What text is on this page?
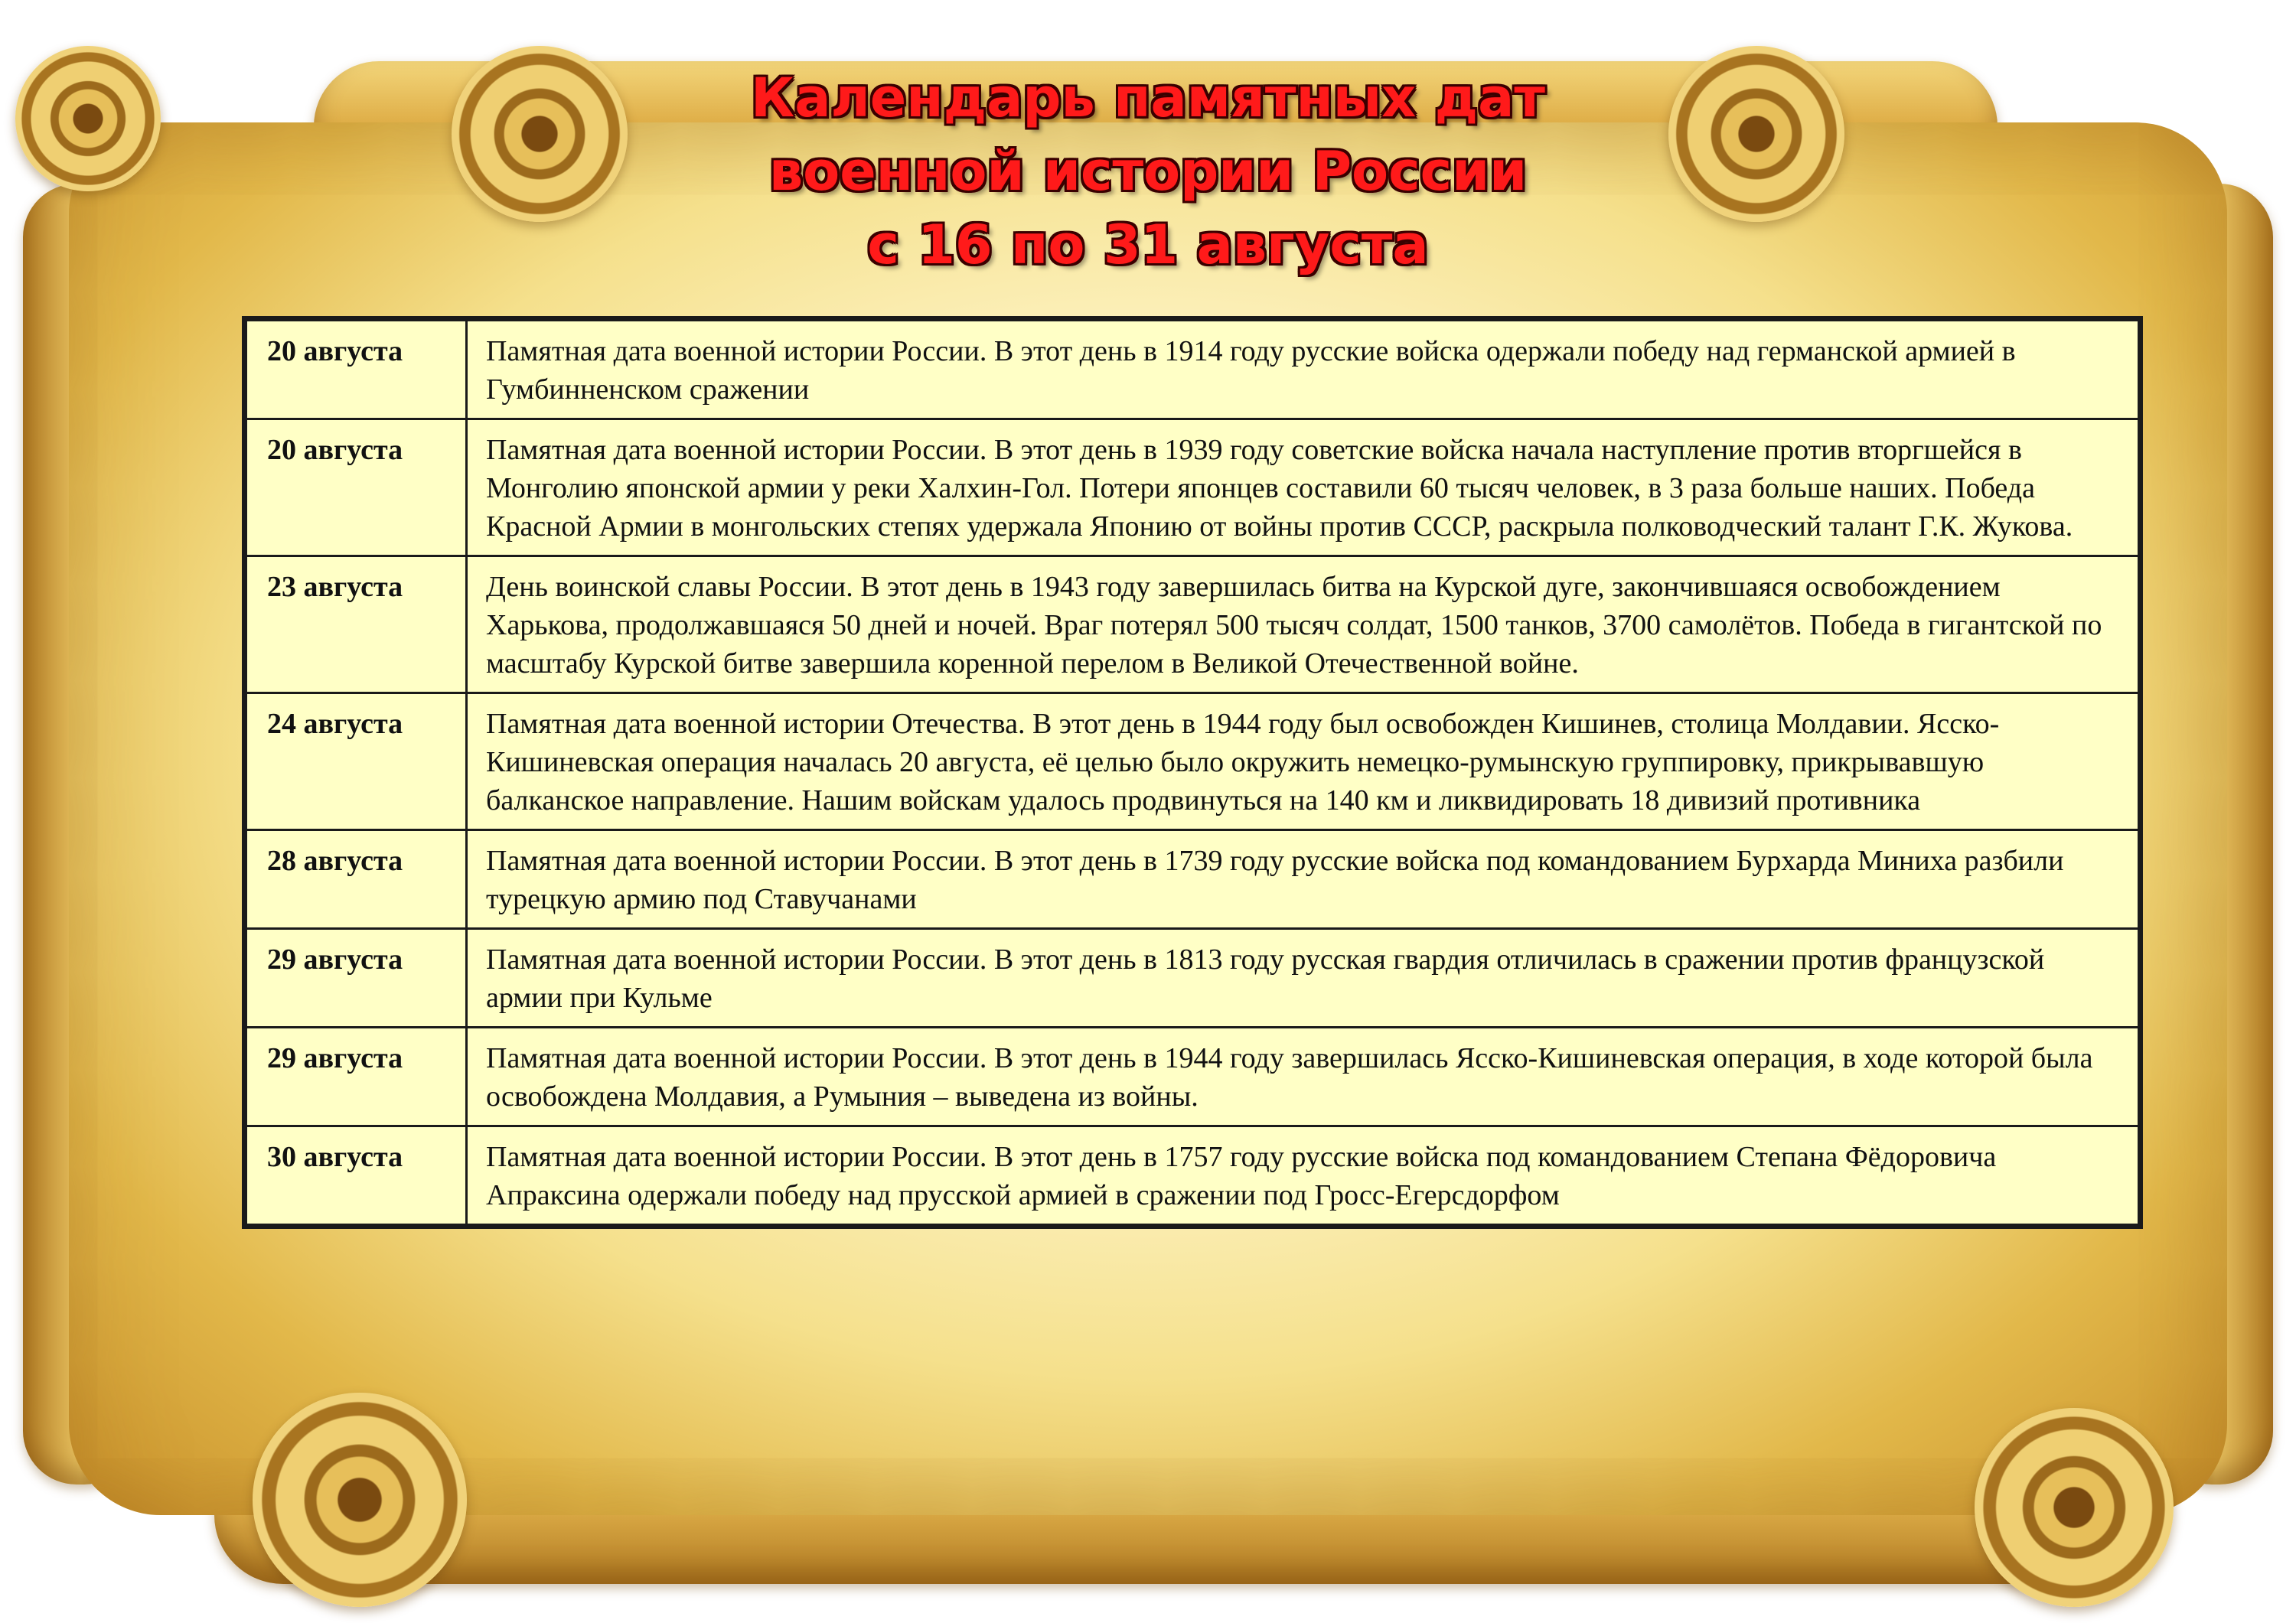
Календарь памятных дат
военной истории России
с 16 по 31 августа
20 августа	Памятная дата военной истории России. В этот день в 1914 году русские войска одержали победу над германской армией в Гумбинненском сражении
20 августа	Памятная дата военной истории России. В этот день в 1939 году советские войска начала наступление против вторгшейся в Монголию японской армии у реки Халхин-Гол. Потери японцев составили 60 тысяч человек, в 3 раза больше наших. Победа Красной Армии в монгольских степях удержала Японию от войны против СССР, раскрыла полководческий талант Г.К. Жукова.
23 августа	День воинской славы России. В этот день в 1943 году завершилась битва на Курской дуге, закончившаяся освобождением Харькова, продолжавшаяся 50 дней и ночей. Враг потерял 500 тысяч солдат, 1500 танков, 3700 самолётов. Победа в гигантской по масштабу Курской битве завершила коренной перелом в Великой Отечественной войне.
24 августа	Памятная дата военной истории Отечества. В этот день в 1944 году был освобожден Кишинев, столица Молдавии. Ясско-Кишиневская операция началась 20 августа, её целью было окружить немецко-румынскую группировку, прикрывавшую балканское направление. Нашим войскам удалось продвинуться на 140 км и ликвидировать 18 дивизий противника
28 августа	Памятная дата военной истории России. В этот день в 1739 году русские войска под командованием Бурхарда Миниха разбили турецкую армию под Ставучанами
29 августа	Памятная дата военной истории России. В этот день в 1813 году русская гвардия отличилась в сражении против французской армии при Кульме
29 августа	Памятная дата военной истории России. В этот день в 1944 году завершилась Ясско-Кишиневская операция, в ходе которой была освобождена Молдавия, а Румыния – выведена из войны.
30 августа	Памятная дата военной истории России. В этот день в 1757 году русские войска под командованием Степана Фёдоровича Апраксина одержали победу над прусской армией в сражении под Гросс-Егерсдорфом
